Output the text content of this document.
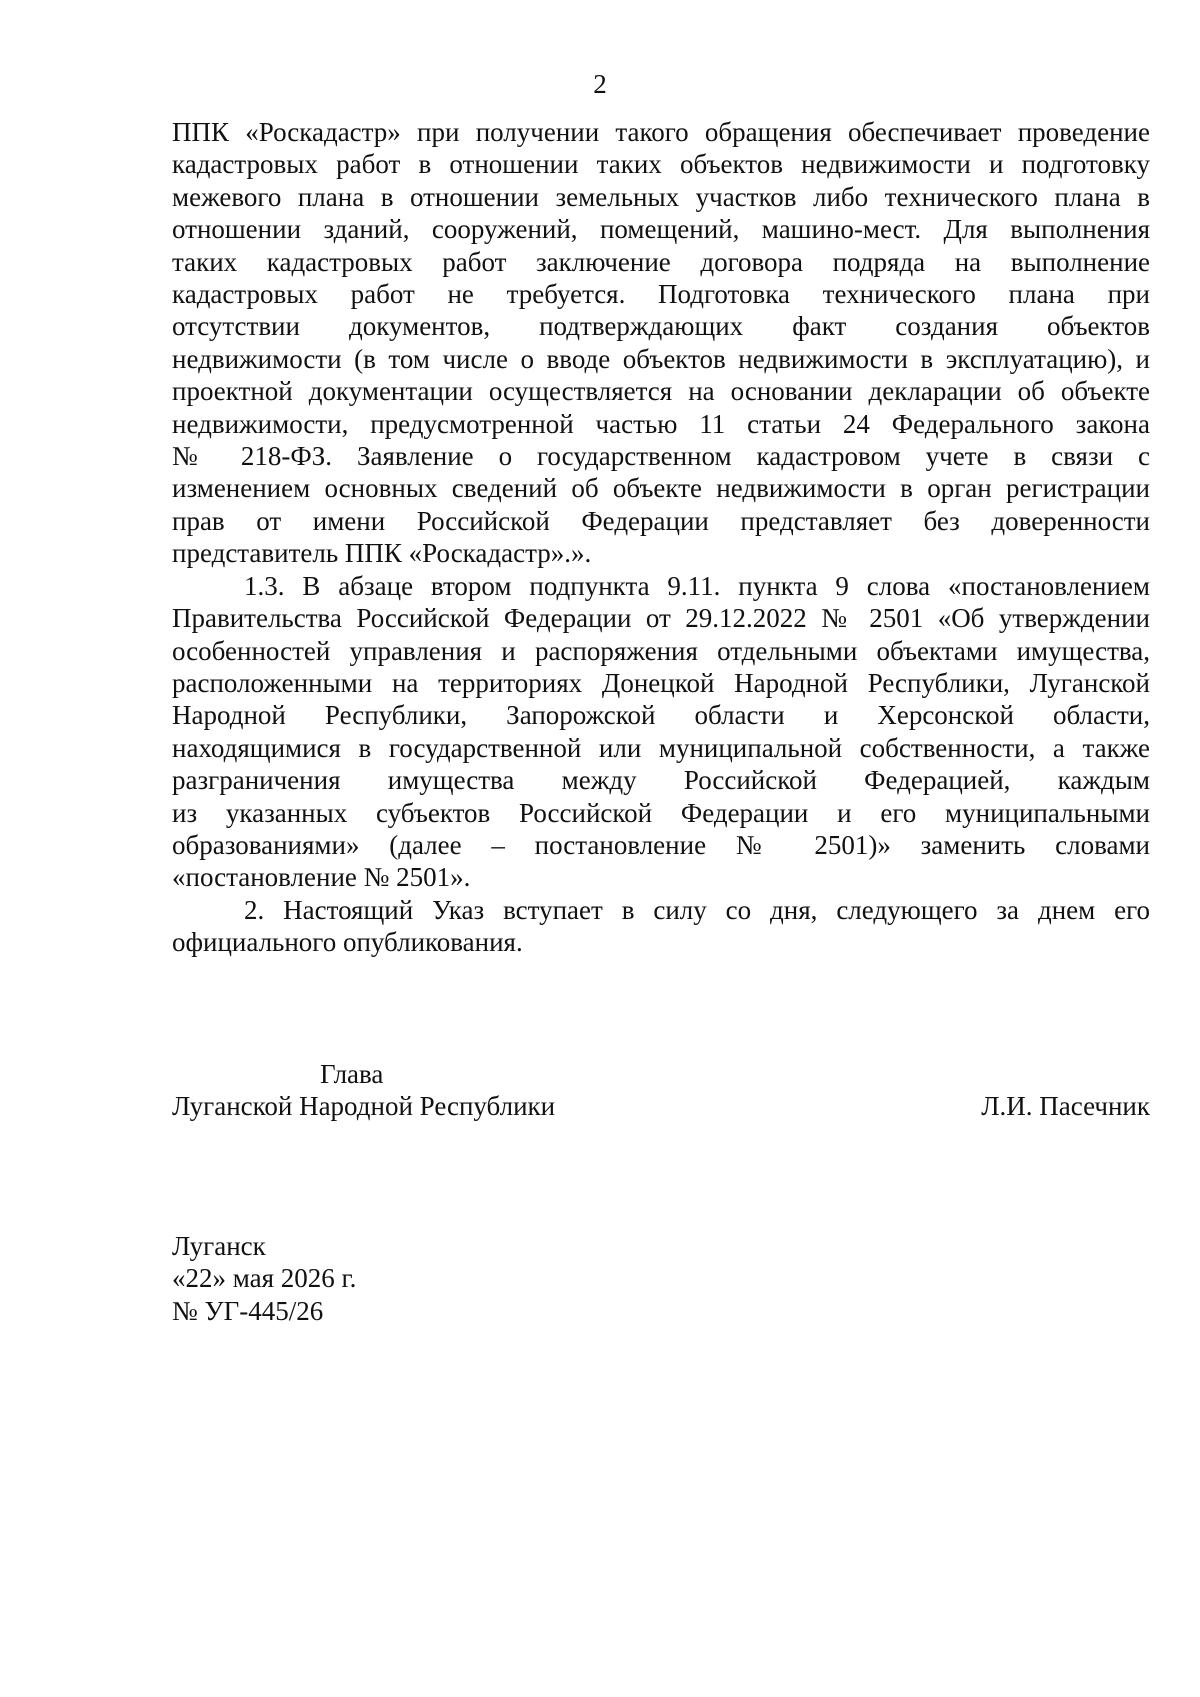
2
ППК «Роскадастр» при получении такого обращения обеспечивает проведение
кадастровых работ в отношении таких объектов недвижимости и подготовку
межевого плана в отношении земельных участков либо технического плана в
отношении зданий, сооружений, помещений, машино-мест. Для выполнения
таких кадастровых работ заключение договора подряда на выполнение
кадастровых работ не требуется. Подготовка технического плана при
отсутствии документов, подтверждающих факт создания объектов
недвижимости (в том числе о вводе объектов недвижимости в эксплуатацию), и
проектной документации осуществляется на основании декларации об объекте
недвижимости, предусмотренной частью 11 статьи 24 Федерального закона
№ 218-ФЗ. Заявление о государственном кадастровом учете в связи с
изменением основных сведений об объекте недвижимости в орган регистрации
прав от имени Российской Федерации представляет без доверенности
представитель ППК «Роскадастр».».
1.3. В абзаце втором подпункта 9.11. пункта 9 слова «постановлением
Правительства Российской Федерации от 29.12.2022 № 2501 «Об утверждении
особенностей управления и распоряжения отдельными объектами имущества,
расположенными на территориях Донецкой Народной Республики, Луганской
Народной Республики, Запорожской области и Херсонской области,
находящимися в государственной или муниципальной собственности, а также
разграничения имущества между Российской Федерацией, каждым
из указанных субъектов Российской Федерации и его муниципальными
образованиями» (далее – постановление № 2501)» заменить словами
«постановление № 2501».
2. Настоящий Указ вступает в силу со дня, следующего за днем его
официального опубликования.
Глава
Луганской Народной Республики	Л.И. Пасечник
Луганск
«22» мая 2026 г.
№ УГ-445/26
